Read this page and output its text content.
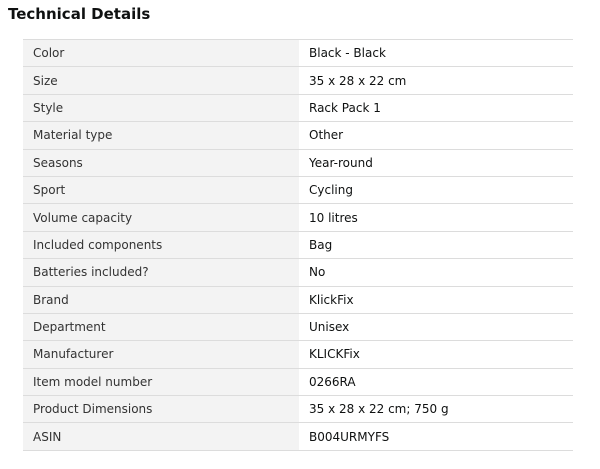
Technical Details
Color	Black - Black
Size	35 x 28 x 22 cm
Style	Rack Pack 1
Material type	Other
Seasons	Year-round
Sport	Cycling
Volume capacity	10 litres
Included components	Bag
Batteries included?	No
Brand	KlickFix
Department	Unisex
Manufacturer	KLICKFix
Item model number	0266RA
Product Dimensions	35 x 28 x 22 cm; 750 g
ASIN	B004URMYFS
